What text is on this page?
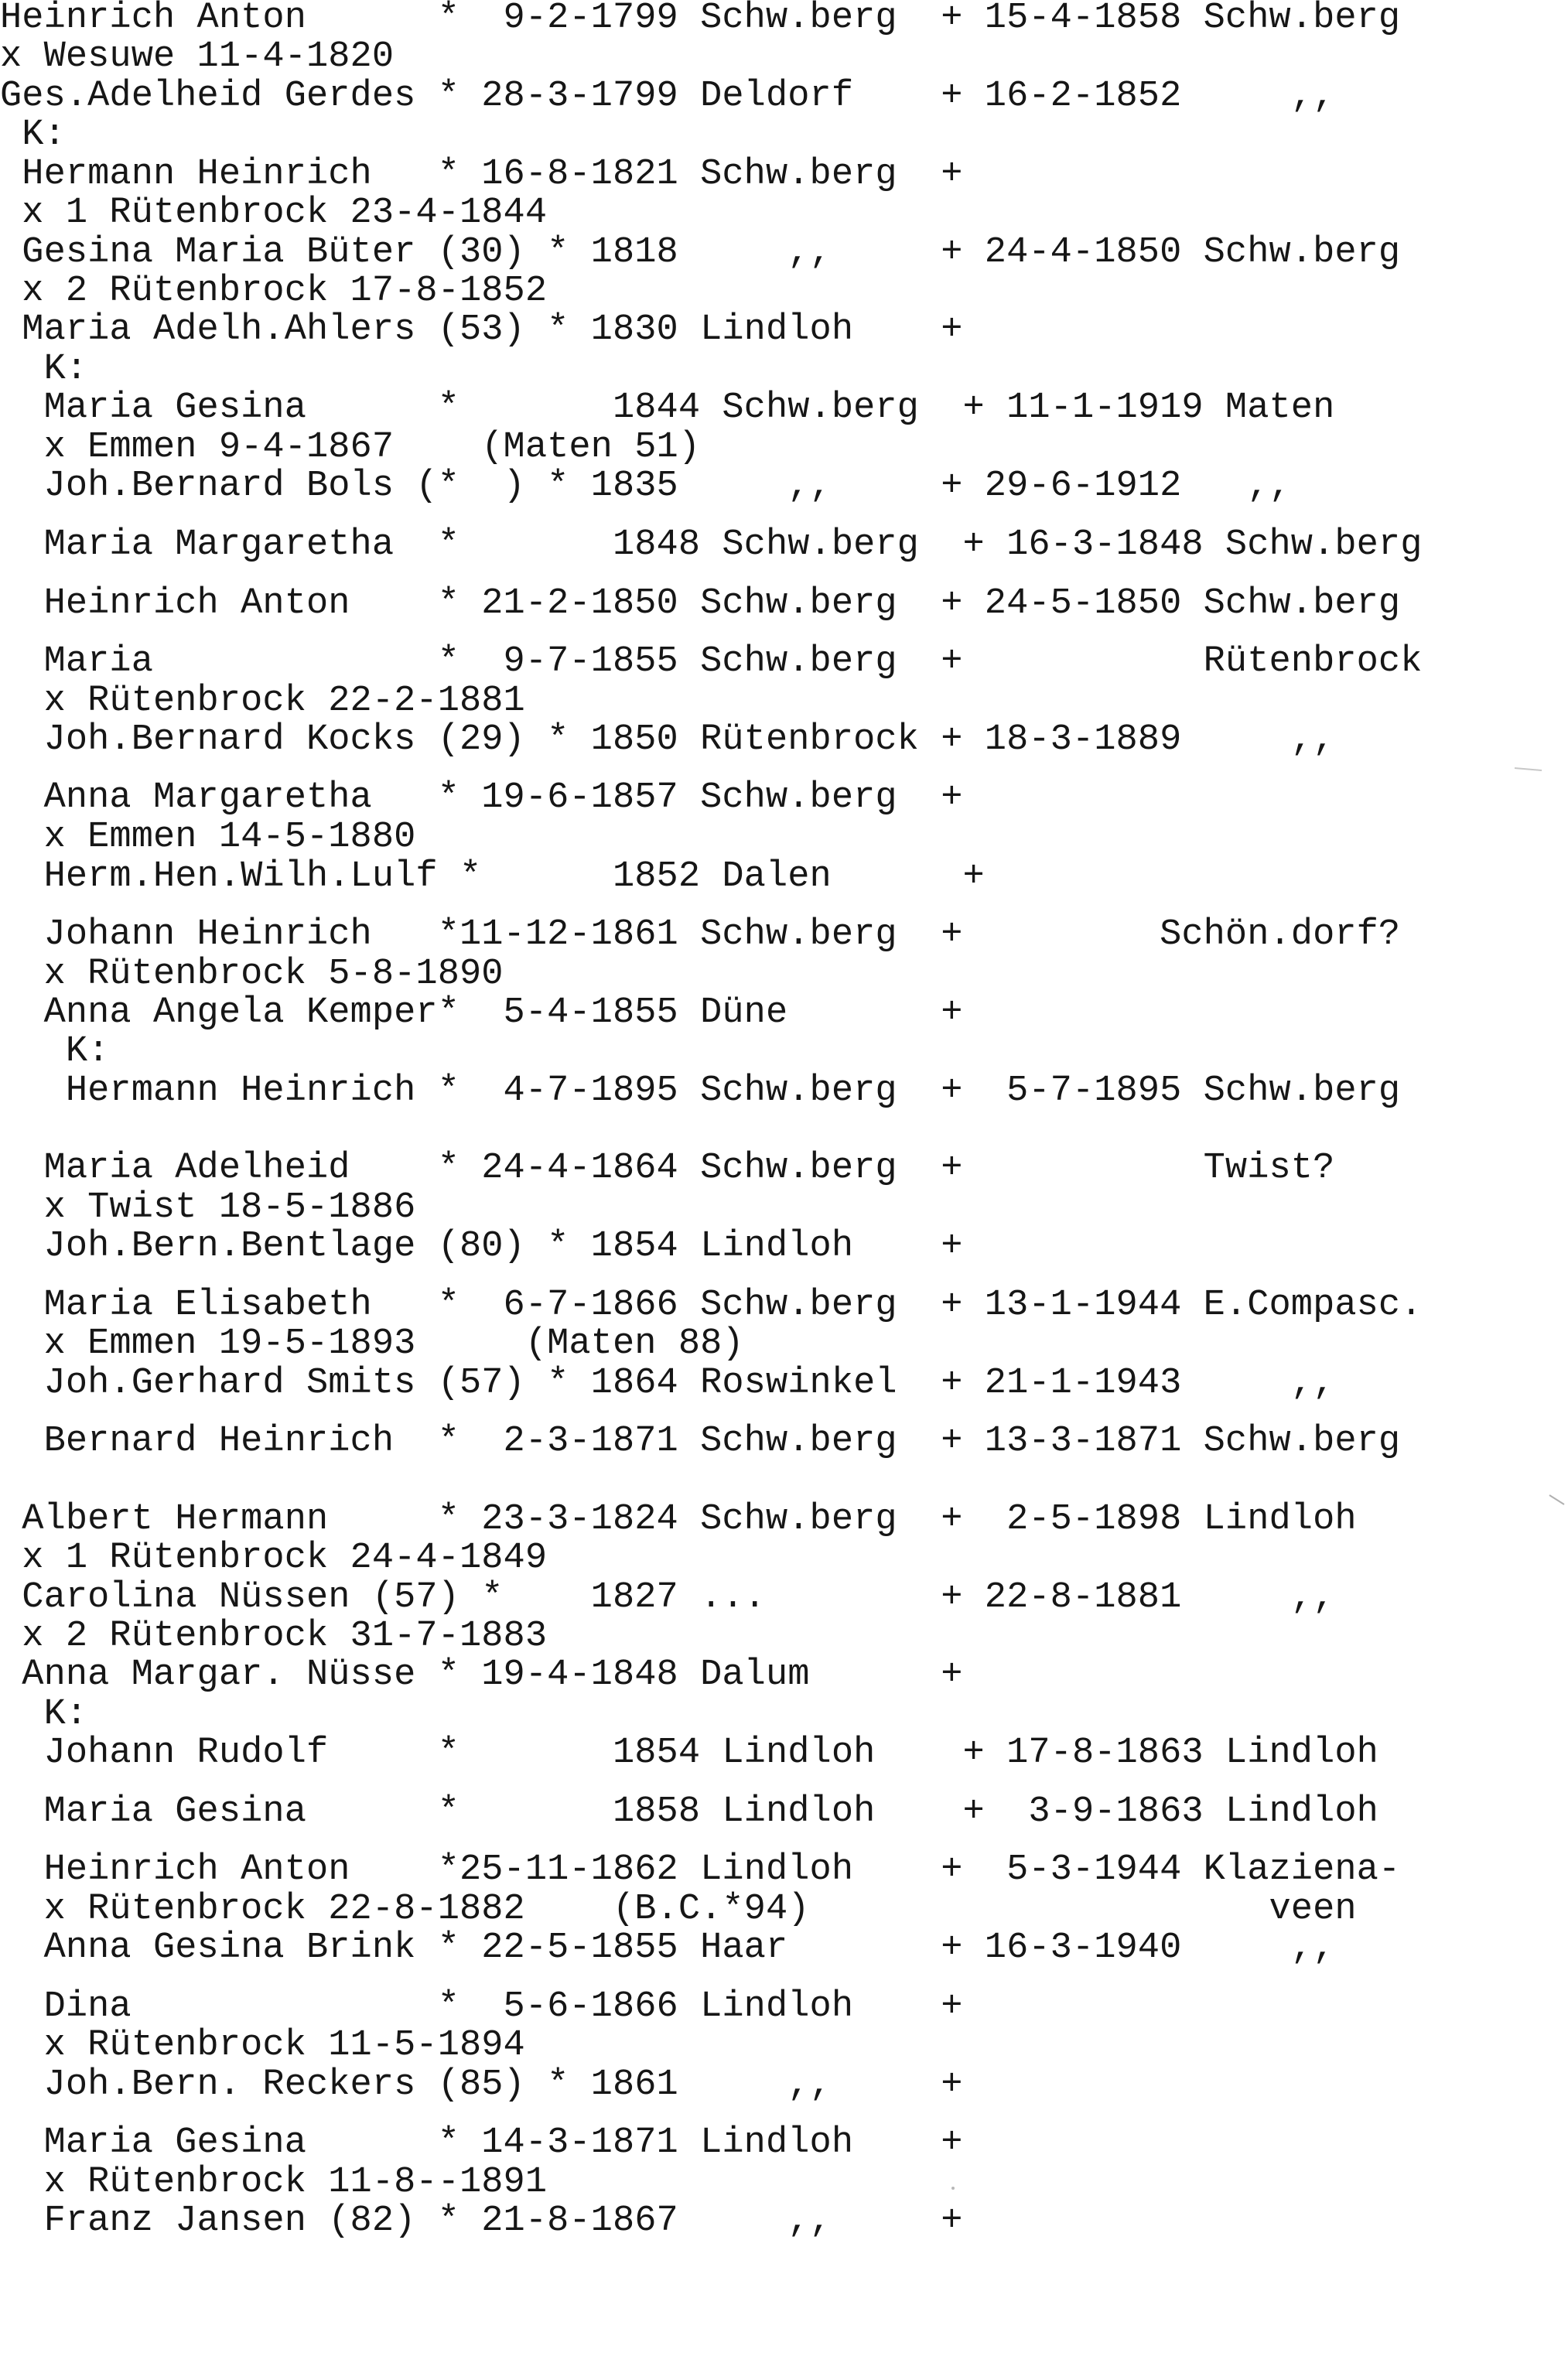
Heinrich Anton      *  9-2-1799 Schw.berg  + 15-4-1858 Schw.berg
x Wesuwe 11-4-1820
Ges.Adelheid Gerdes * 28-3-1799 Deldorf    + 16-2-1852     ,,
K:
Hermann Heinrich   * 16-8-1821 Schw.berg  +
x 1 Rütenbrock 23-4-1844
Gesina Maria Büter (30) * 1818     ,,     + 24-4-1850 Schw.berg
x 2 Rütenbrock 17-8-1852
Maria Adelh.Ahlers (53) * 1830 Lindloh    +
K:
Maria Gesina      *       1844 Schw.berg  + 11-1-1919 Maten
x Emmen 9-4-1867    (Maten 51)
Joh.Bernard Bols (*  ) * 1835     ,,     + 29-6-1912   ,,
Maria Margaretha  *       1848 Schw.berg  + 16-3-1848 Schw.berg
Heinrich Anton    * 21-2-1850 Schw.berg  + 24-5-1850 Schw.berg
Maria             *  9-7-1855 Schw.berg  +           Rütenbrock
x Rütenbrock 22-2-1881
Joh.Bernard Kocks (29) * 1850 Rütenbrock + 18-3-1889     ,,
Anna Margaretha   * 19-6-1857 Schw.berg  +
x Emmen 14-5-1880
Herm.Hen.Wilh.Lulf *      1852 Dalen      +
Johann Heinrich   *11-12-1861 Schw.berg  +         Schön.dorf?
x Rütenbrock 5-8-1890
Anna Angela Kemper*  5-4-1855 Düne       +
K:
Hermann Heinrich *  4-7-1895 Schw.berg  +  5-7-1895 Schw.berg
Maria Adelheid    * 24-4-1864 Schw.berg  +           Twist?
x Twist 18-5-1886
Joh.Bern.Bentlage (80) * 1854 Lindloh    +
Maria Elisabeth   *  6-7-1866 Schw.berg  + 13-1-1944 E.Compasc.
x Emmen 19-5-1893     (Maten 88)
Joh.Gerhard Smits (57) * 1864 Roswinkel  + 21-1-1943     ,,
Bernard Heinrich  *  2-3-1871 Schw.berg  + 13-3-1871 Schw.berg
Albert Hermann     * 23-3-1824 Schw.berg  +  2-5-1898 Lindloh
x 1 Rütenbrock 24-4-1849
Carolina Nüssen (57) *    1827 ...        + 22-8-1881     ,,
x 2 Rütenbrock 31-7-1883
Anna Margar. Nüsse * 19-4-1848 Dalum      +
K:
Johann Rudolf     *       1854 Lindloh    + 17-8-1863 Lindloh
Maria Gesina      *       1858 Lindloh    +  3-9-1863 Lindloh
Heinrich Anton    *25-11-1862 Lindloh    +  5-3-1944 Klaziena-
x Rütenbrock 22-8-1882    (B.C.*94)                     veen
Anna Gesina Brink * 22-5-1855 Haar       + 16-3-1940     ,,
Dina              *  5-6-1866 Lindloh    +
x Rütenbrock 11-5-1894
Joh.Bern. Reckers (85) * 1861     ,,     +
Maria Gesina      * 14-3-1871 Lindloh    +
x Rütenbrock 11-8--1891
Franz Jansen (82) * 21-8-1867     ,,     +
